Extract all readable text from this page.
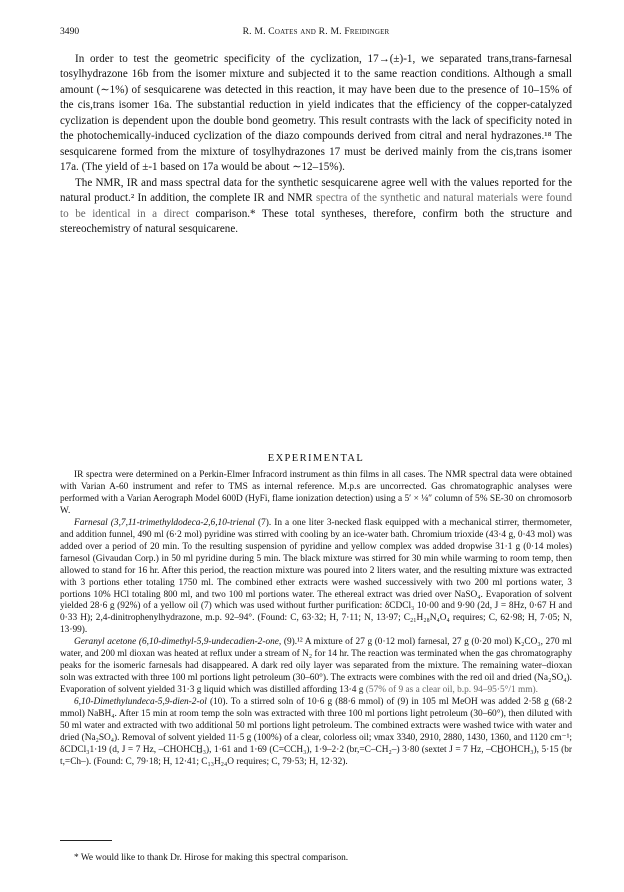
3490	R. M. Coates and R. M. Freidinger

In order to test the geometric specificity of the cyclization, 17→(±)-1, we separated trans,trans-farnesal tosylhydrazone 16b from the isomer mixture and subjected it to the same reaction conditions. Although a small amount (∼1%) of sesquicarene was detected in this reaction, it may have been due to the presence of 10–15% of the cis,trans isomer 16a. The substantial reduction in yield indicates that the efficiency of the copper-catalyzed cyclization is dependent upon the double bond geometry. This result contrasts with the lack of specificity noted in the photochemically-induced cyclization of the diazo compounds derived from citral and neral hydrazones.¹⁸ The sesquicarene formed from the mixture of tosylhydrazones 17 must be derived mainly from the cis,trans isomer 17a. (The yield of ±-1 based on 17a would be about ∼12–15%).

The NMR, IR and mass spectral data for the synthetic sesquicarene agree well with the values reported for the natural product.² In addition, the complete IR and NMR spectra of the synthetic and natural materials were found to be identical in a direct comparison.* These total syntheses, therefore, confirm both the structure and stereochemistry of natural sesquicarene.

EXPERIMENTAL

IR spectra were determined on a Perkin-Elmer Infracord instrument as thin films in all cases. The NMR spectral data were obtained with Varian A-60 instrument and refer to TMS as internal reference. M.p.s are uncorrected. Gas chromatographic analyses were performed with a Varian Aerograph Model 600D (HyFi, flame ionization detection) using a 5′ × ⅛″ column of 5% SE-30 on chromosorb W.

Farnesal (3,7,11-trimethyldodeca-2,6,10-trienal (7). In a one liter 3-necked flask equipped with a mechanical stirrer, thermometer, and addition funnel, 490 ml (6·2 mol) pyridine was stirred with cooling by an ice-water bath. Chromium trioxide (43·4 g, 0·43 mol) was added over a period of 20 min. To the resulting suspension of pyridine and yellow complex was added dropwise 31·1 g (0·14 moles) farnesol (Givaudan Corp.) in 50 ml pyridine during 5 min. The black mixture was stirred for 30 min while warming to room temp, then allowed to stand for 16 hr. After this period, the reaction mixture was poured into 2 liters water, and the resulting mixture was extracted with 3 portions ether totaling 1750 ml. The combined ether extracts were washed successively with two 200 ml portions water, 3 portions 10% HCl totaling 800 ml, and two 100 ml portions water. The ethereal extract was dried over NaSO₄. Evaporation of solvent yielded 28·6 g (92%) of a yellow oil (7) which was used without further purification: δCDCl₃ 10·00 and 9·90 (2d, J = 8Hz, 0·67 H and 0·33 H); 2,4-dinitrophenylhydrazone, m.p. 92–94°. (Found: C, 63·32; H, 7·11; N, 13·97; C₂₁H₂₈N₄O₄ requires; C, 62·98; H, 7·05; N, 13·99).

Geranyl acetone (6,10-dimethyl-5,9-undecadien-2-one, (9).¹² A mixture of 27 g (0·12 mol) farnesal, 27 g (0·20 mol) K₂CO₃, 270 ml water, and 200 ml dioxan was heated at reflux under a stream of N₂ for 14 hr. The reaction was terminated when the gas chromatography peaks for the isomeric farnesals had disappeared. A dark red oily layer was separated from the mixture. The remaining water–dioxan soln was extracted with three 100 ml portions light petroleum (30–60°). The extracts were combines with the red oil and dried (Na₂SO₄). Evaporation of solvent yielded 31·3 g liquid which was distilled affording 13·4 g (57% of 9 as a clear oil, b.p. 94–95·5°/1 mm).

6,10-Dimethylundeca-5,9-dien-2-ol (10). To a stirred soln of 10·6 g (88·6 mmol) of (9) in 105 ml MeOH was added 2·58 g (68·2 mmol) NaBH₄. After 15 min at room temp the soln was extracted with three 100 ml portions light petroleum (30–60°), then diluted with 50 ml water and extracted with two additional 50 ml portions light petroleum. The combined extracts were washed twice with water and dried (Na₂SO₄). Removal of solvent yielded 11·5 g (100%) of a clear, colorless oil; νmax 3340, 2910, 2880, 1430, 1360, and 1120 cm⁻¹; δCDCl₃1·19 (d, J = 7 Hz, –CHOHCH̲₃), 1·61 and 1·69 (C=CCH₃), 1·9–2·2 (br,=C–CH₂–) 3·80 (sextet J = 7 Hz, –CH̲OHCH₃), 5·15 (br t,=Ch–). (Found: C, 79·18; H, 12·41; C₁₃H₂₄O requires; C, 79·53; H, 12·32).

* We would like to thank Dr. Hirose for making this spectral comparison.
